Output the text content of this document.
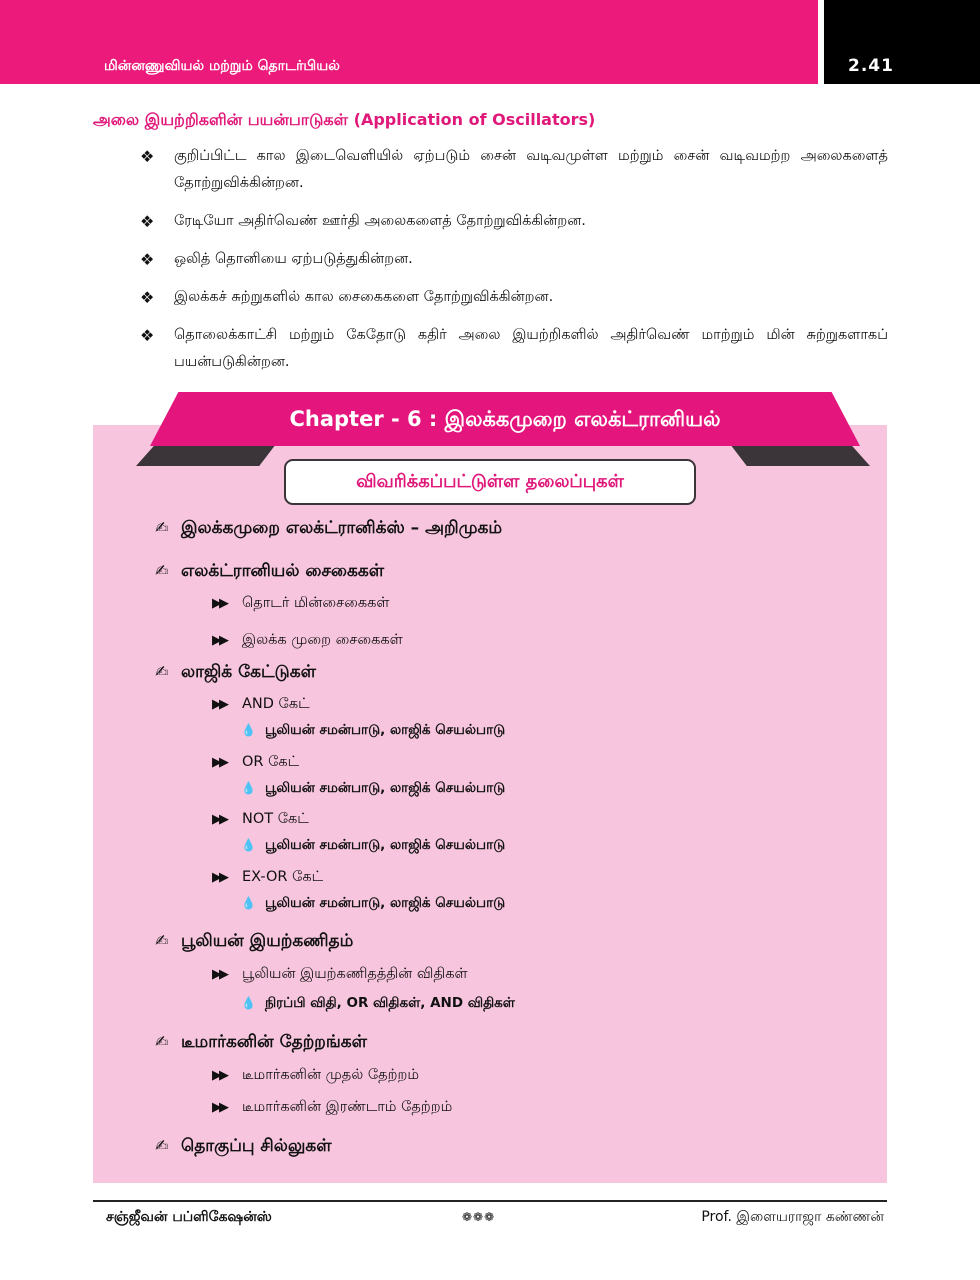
மின்னணுவியல் மற்றும் தொடர்பியல்	2.41
அலை இயற்றிகளின் பயன்பாடுகள் (Application of Oscillators)
❖ குறிப்பிட்ட கால இடைவெளியில் ஏற்படும் சைன் வடிவமுள்ள மற்றும் சைன் வடிவமற்ற அலைகளைத் தோற்றுவிக்கின்றன.
❖ ரேடியோ அதிர்வெண் ஊர்தி அலைகளைத் தோற்றுவிக்கின்றன.
❖ ஒலித் தொனியை ஏற்படுத்துகின்றன.
❖ இலக்கச் சுற்றுகளில் கால சைகைகளை தோற்றுவிக்கின்றன.
❖ தொலைக்காட்சி மற்றும் கேதோடு கதிர் அலை இயற்றிகளில் அதிர்வெண் மாற்றும் மின் சுற்றுகளாகப் பயன்படுகின்றன.
Chapter - 6 : இலக்கமுறை எலக்ட்ரானியல்
விவரிக்கப்பட்டுள்ள தலைப்புகள்
✍ இலக்கமுறை எலக்ட்ரானிக்ஸ் – அறிமுகம்
✍ எலக்ட்ரானியல் சைகைகள்
▶▶ தொடர் மின்சைகைகள்
▶▶ இலக்க முறை சைகைகள்
✍ லாஜிக் கேட்டுகள்
▶▶ AND கேட்
💧 பூலியன் சமன்பாடு, லாஜிக் செயல்பாடு
▶▶ OR கேட்
💧 பூலியன் சமன்பாடு, லாஜிக் செயல்பாடு
▶▶ NOT கேட்
💧 பூலியன் சமன்பாடு, லாஜிக் செயல்பாடு
▶▶ EX-OR கேட்
💧 பூலியன் சமன்பாடு, லாஜிக் செயல்பாடு
✍ பூலியன் இயற்கணிதம்
▶▶ பூலியன் இயற்கணிதத்தின் விதிகள்
💧 நிரப்பி விதி, OR விதிகள், AND விதிகள்
✍ டீமார்கனின் தேற்றங்கள்
▶▶ டீமார்கனின் முதல் தேற்றம்
▶▶ டீமார்கனின் இரண்டாம் தேற்றம்
✍ தொகுப்பு சில்லுகள்
சஞ்ஜீவன் பப்ளிகேஷன்ஸ்	❁❁❁	Prof. இளையராஜா கண்ணன்
